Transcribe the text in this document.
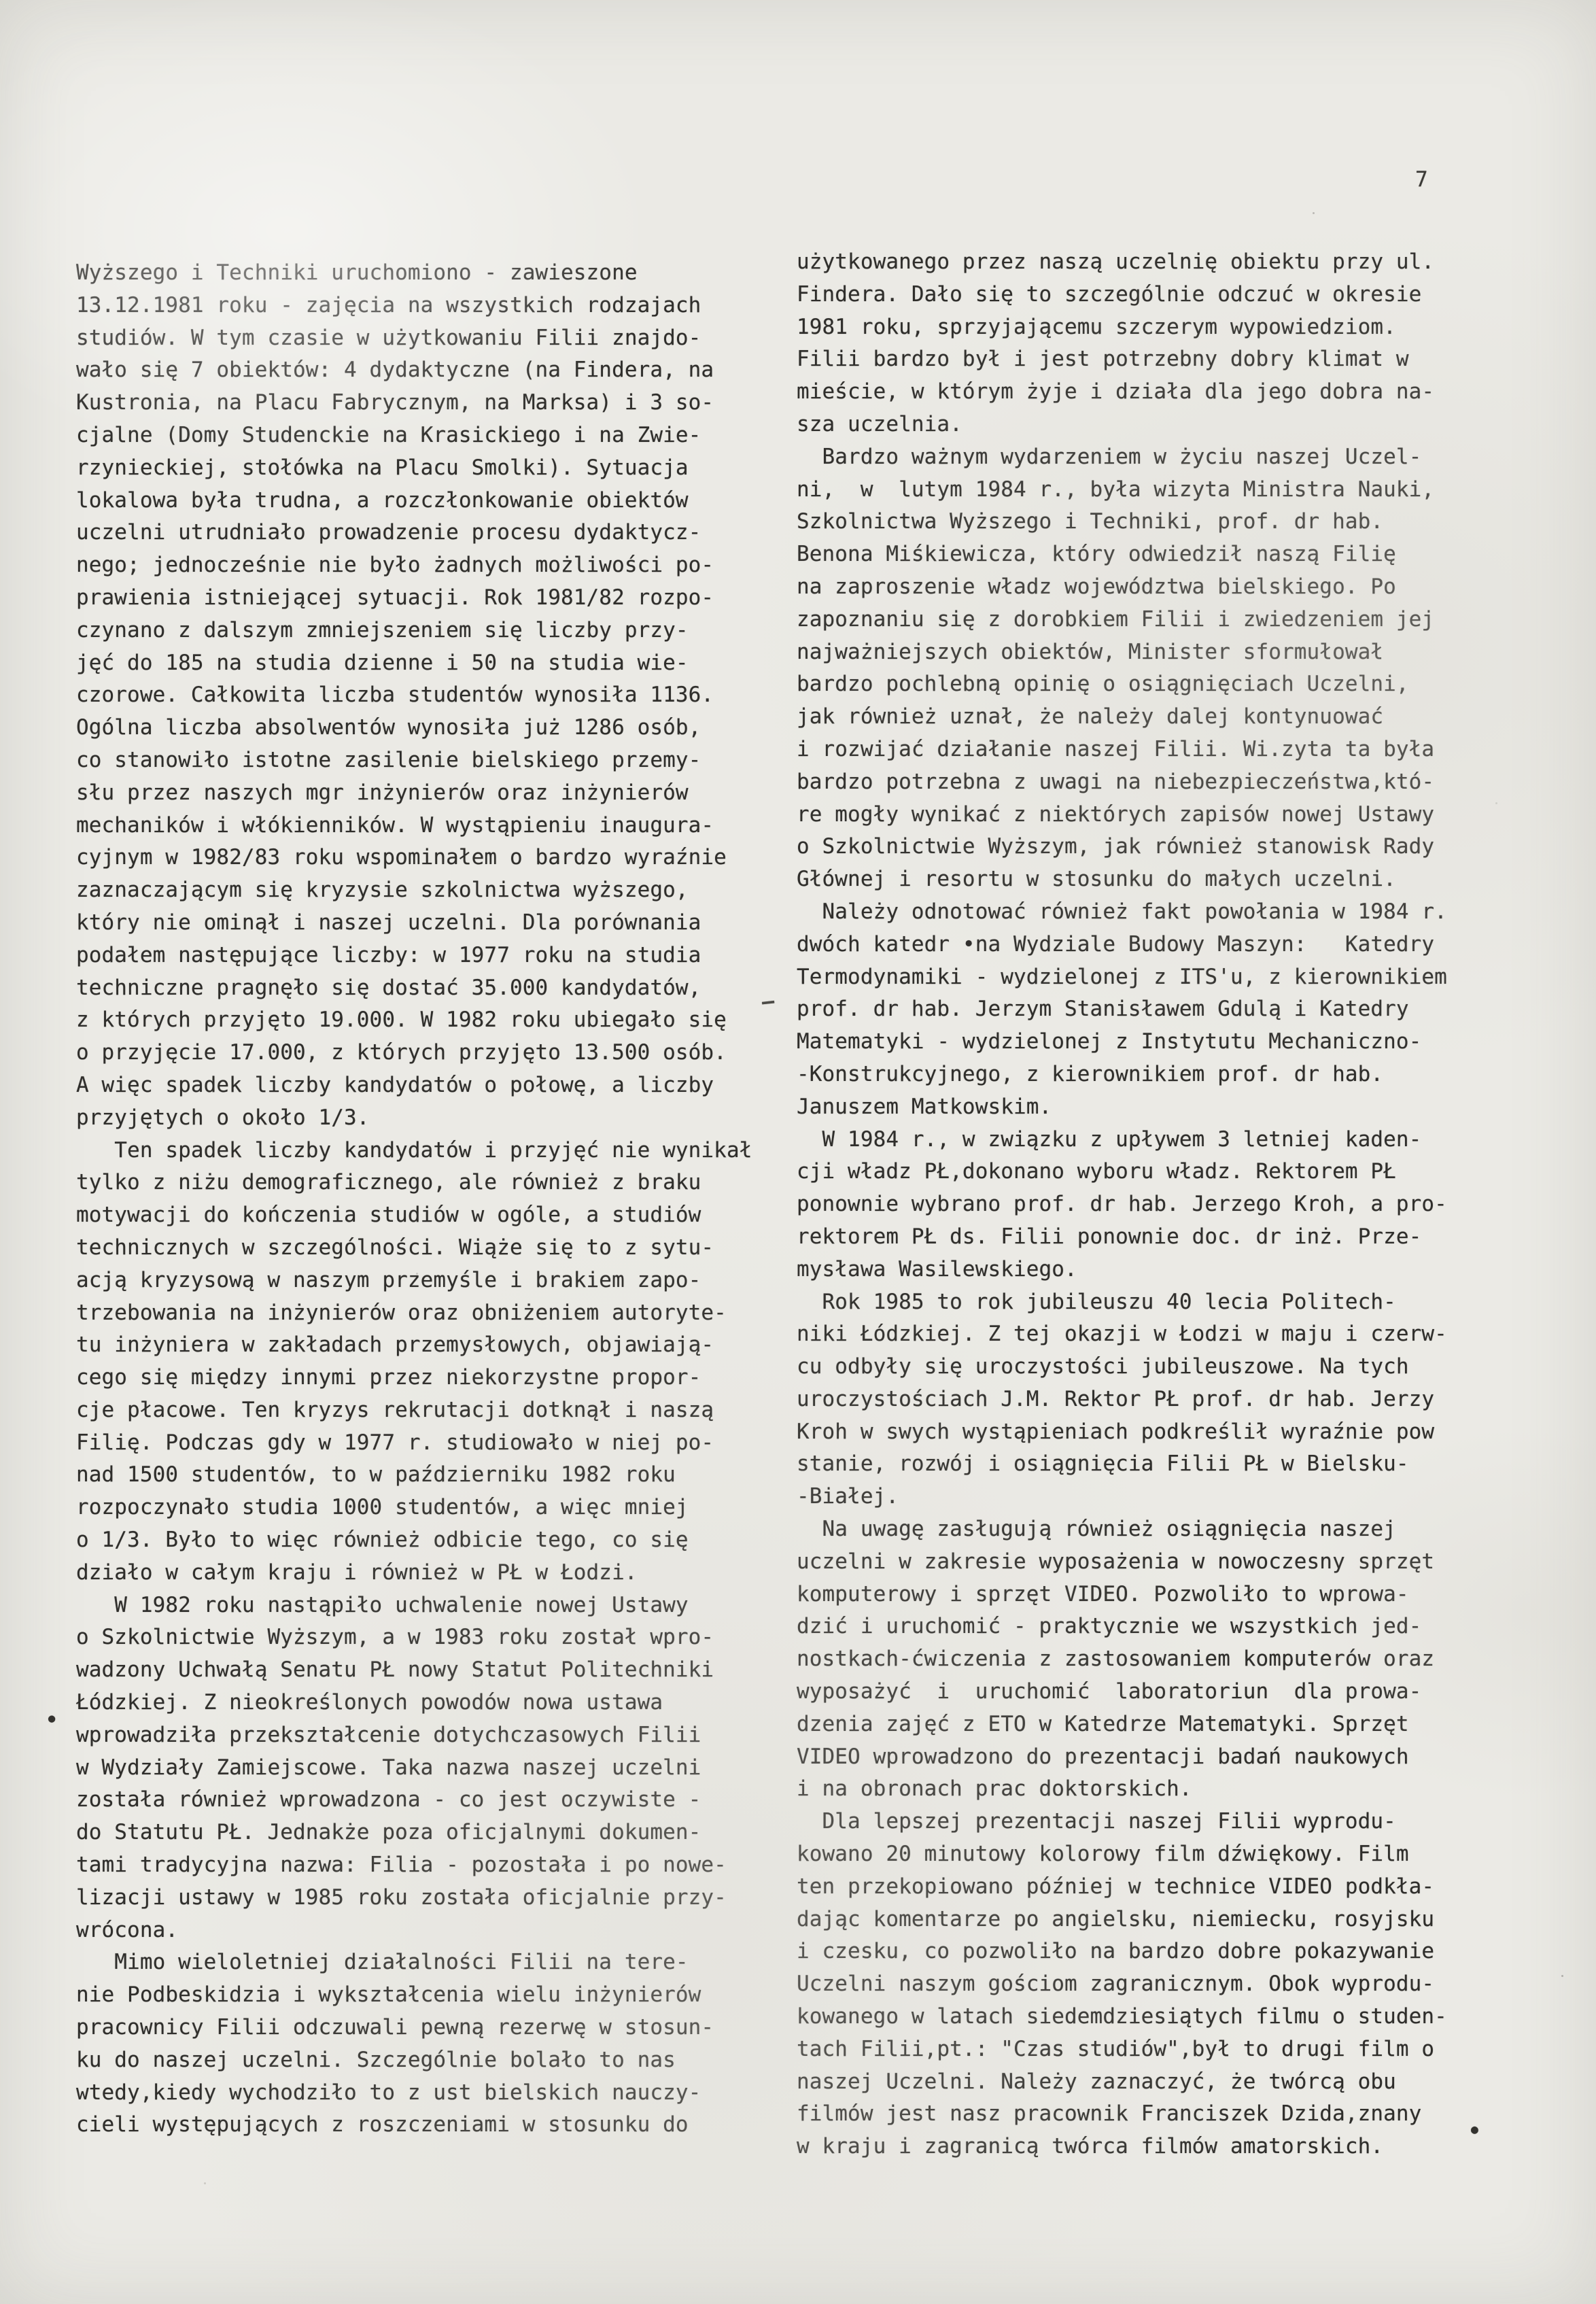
7
Wyższego i Techniki uruchomiono - zawieszone
13.12.1981 roku - zajęcia na wszystkich rodzajach
studiów. W tym czasie w użytkowaniu Filii znajdo-
wało się 7 obiektów: 4 dydaktyczne (na Findera, na
Kustronia, na Placu Fabrycznym, na Marksa) i 3 so-
cjalne (Domy Studenckie na Krasickiego i na Zwie-
rzynieckiej, stołówka na Placu Smolki). Sytuacja
lokalowa była trudna, a rozczłonkowanie obiektów
uczelni utrudniało prowadzenie procesu dydaktycz-
nego; jednocześnie nie było żadnych możliwości po-
prawienia istniejącej sytuacji. Rok 1981/82 rozpo-
czynano z dalszym zmniejszeniem się liczby przy-
jęć do 185 na studia dzienne i 50 na studia wie-
czorowe. Całkowita liczba studentów wynosiła 1136.
Ogólna liczba absolwentów wynosiła już 1286 osób,
co stanowiło istotne zasilenie bielskiego przemy-
słu przez naszych mgr inżynierów oraz inżynierów
mechaników i włókienników. W wystąpieniu inaugura-
cyjnym w 1982/83 roku wspominałem o bardzo wyraźnie
zaznaczającym się kryzysie szkolnictwa wyższego,
który nie ominął i naszej uczelni. Dla porównania
podałem następujące liczby: w 1977 roku na studia
techniczne pragnęło się dostać 35.000 kandydatów,
z których przyjęto 19.000. W 1982 roku ubiegało się
o przyjęcie 17.000, z których przyjęto 13.500 osób.
A więc spadek liczby kandydatów o połowę, a liczby
przyjętych o około 1/3.
Ten spadek liczby kandydatów i przyjęć nie wynikał
tylko z niżu demograficznego, ale również z braku
motywacji do kończenia studiów w ogóle, a studiów
technicznych w szczególności. Wiąże się to z sytu-
acją kryzysową w naszym przemyśle i brakiem zapo-
trzebowania na inżynierów oraz obniżeniem autoryte-
tu inżyniera w zakładach przemysłowych, objawiają-
cego się między innymi przez niekorzystne propor-
cje płacowe. Ten kryzys rekrutacji dotknął i naszą
Filię. Podczas gdy w 1977 r. studiowało w niej po-
nad 1500 studentów, to w październiku 1982 roku
rozpoczynało studia 1000 studentów, a więc mniej
o 1/3. Było to więc również odbicie tego, co się
działo w całym kraju i również w PŁ w Łodzi.
W 1982 roku nastąpiło uchwalenie nowej Ustawy
o Szkolnictwie Wyższym, a w 1983 roku został wpro-
wadzony Uchwałą Senatu PŁ nowy Statut Politechniki
Łódzkiej. Z nieokreślonych powodów nowa ustawa
wprowadziła przekształcenie dotychczasowych Filii
w Wydziały Zamiejscowe. Taka nazwa naszej uczelni
została również wprowadzona - co jest oczywiste -
do Statutu PŁ. Jednakże poza oficjalnymi dokumen-
tami tradycyjna nazwa: Filia - pozostała i po nowe-
lizacji ustawy w 1985 roku została oficjalnie przy-
wrócona.
Mimo wieloletniej działalności Filii na tere-
nie Podbeskidzia i wykształcenia wielu inżynierów
pracownicy Filii odczuwali pewną rezerwę w stosun-
ku do naszej uczelni. Szczególnie bolało to nas
wtedy,kiedy wychodziło to z ust bielskich nauczy-
cieli występujących z roszczeniami w stosunku do
użytkowanego przez naszą uczelnię obiektu przy ul.
Findera. Dało się to szczególnie odczuć w okresie
1981 roku, sprzyjającemu szczerym wypowiedziom.
Filii bardzo był i jest potrzebny dobry klimat w
mieście, w którym żyje i działa dla jego dobra na-
sza uczelnia.
Bardzo ważnym wydarzeniem w życiu naszej Uczel-
ni,  w  lutym 1984 r., była wizyta Ministra Nauki,
Szkolnictwa Wyższego i Techniki, prof. dr hab.
Benona Miśkiewicza, który odwiedził naszą Filię
na zaproszenie władz województwa bielskiego. Po
zapoznaniu się z dorobkiem Filii i zwiedzeniem jej
najważniejszych obiektów, Minister sformułował
bardzo pochlebną opinię o osiągnięciach Uczelni,
jak również uznał, że należy dalej kontynuować
i rozwijać działanie naszej Filii. Wi.zyta ta była
bardzo potrzebna z uwagi na niebezpieczeństwa,któ-
re mogły wynikać z niektórych zapisów nowej Ustawy
o Szkolnictwie Wyższym, jak również stanowisk Rady
Głównej i resortu w stosunku do małych uczelni.
Należy odnotować również fakt powołania w 1984 r.
dwóch katedr •na Wydziale Budowy Maszyn:   Katedry
Termodynamiki - wydzielonej z ITS'u, z kierownikiem
prof. dr hab. Jerzym Stanisławem Gdulą i Katedry
Matematyki - wydzielonej z Instytutu Mechaniczno-
-Konstrukcyjnego, z kierownikiem prof. dr hab.
Januszem Matkowskim.
W 1984 r., w związku z upływem 3 letniej kaden-
cji władz PŁ,dokonano wyboru władz. Rektorem PŁ
ponownie wybrano prof. dr hab. Jerzego Kroh, a pro-
rektorem PŁ ds. Filii ponownie doc. dr inż. Prze-
mysława Wasilewskiego.
Rok 1985 to rok jubileuszu 40 lecia Politech-
niki Łódzkiej. Z tej okazji w Łodzi w maju i czerw-
cu odbyły się uroczystości jubileuszowe. Na tych
uroczystościach J.M. Rektor PŁ prof. dr hab. Jerzy
Kroh w swych wystąpieniach podkreślił wyraźnie pow
stanie, rozwój i osiągnięcia Filii PŁ w Bielsku-
-Białej.
Na uwagę zasługują również osiągnięcia naszej
uczelni w zakresie wyposażenia w nowoczesny sprzęt
komputerowy i sprzęt VIDEO. Pozwoliło to wprowa-
dzić i uruchomić - praktycznie we wszystkich jed-
nostkach-ćwiczenia z zastosowaniem komputerów oraz
wyposażyć  i  uruchomić  laboratoriun  dla prowa-
dzenia zajęć z ETO w Katedrze Matematyki. Sprzęt
VIDEO wprowadzono do prezentacji badań naukowych
i na obronach prac doktorskich.
Dla lepszej prezentacji naszej Filii wyprodu-
kowano 20 minutowy kolorowy film dźwiękowy. Film
ten przekopiowano później w technice VIDEO podkła-
dając komentarze po angielsku, niemiecku, rosyjsku
i czesku, co pozwoliło na bardzo dobre pokazywanie
Uczelni naszym gościom zagranicznym. Obok wyprodu-
kowanego w latach siedemdziesiątych filmu o studen-
tach Filii,pt.: "Czas studiów",był to drugi film o
naszej Uczelni. Należy zaznaczyć, że twórcą obu
filmów jest nasz pracownik Franciszek Dzida,znany
w kraju i zagranicą twórca filmów amatorskich.
—
●
●
